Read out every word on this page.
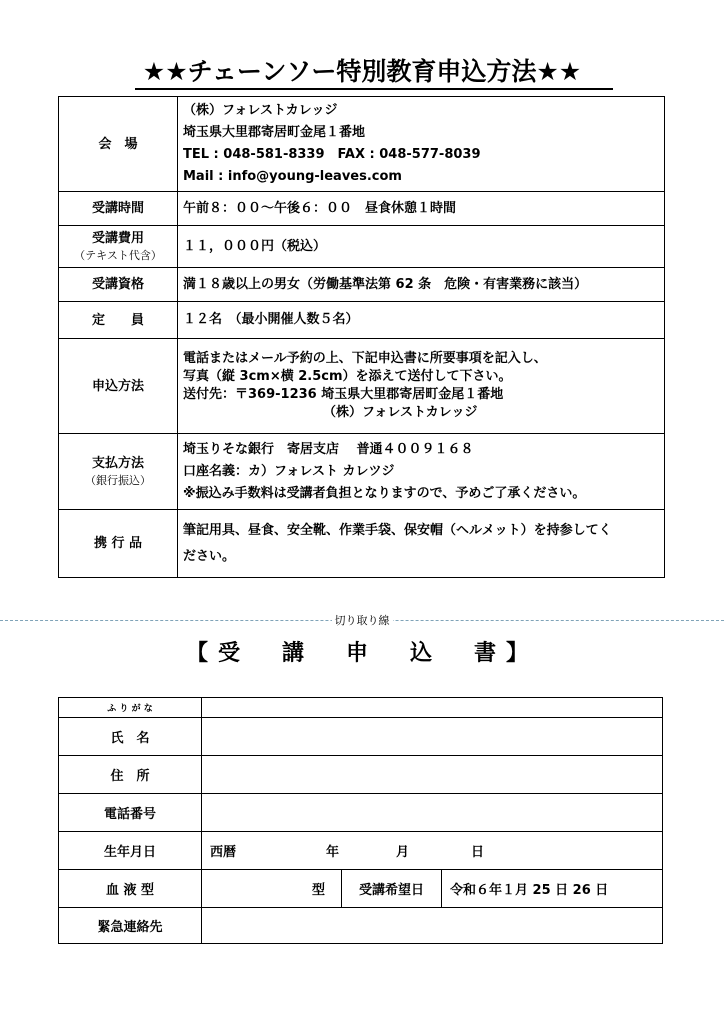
★★チェーンソー特別教育申込方法★★
会　場	（株）フォレストカレッジ
埼玉県大里郡寄居町金尾１番地
TEL : 048-581-8339　FAX : 048-577-8039
Mail : info@young-leaves.com

受講時間	午前８：００～午後６：００　昼食休憩１時間

受講費用
（テキスト代含）	１１，０００円（税込）
受講資格	満１８歳以上の男女（労働基準法第 62 条　危険・有害業務に該当）
定　　員	１２名　（最小開催人数５名）
申込方法	電話またはメール予約の上、下記申込書に所要事項を記入し、
写真（縦 3cm×横 2.5cm）を添えて送付して下さい。
送付先：〒369-1236 埼玉県大里郡寄居町金尾１番地
（株）フォレストカレッジ

支払方法
（銀行振込）	埼玉りそな銀行　寄居支店　 普通４００９１６８
口座名義：カ）フォレスト カレツジ
※振込み手数料は受講者負担となりますので、予めご了承ください。

携 行 品	筆記用具、昼食、安全靴、作業手袋、保安帽（ヘルメット）を持参してく
ださい。
切り取り線
【受　講　申　込　書】
ふ り が な			
氏　名			
住　所			
電話番号			
生年月日	西暦 年 月 日		
血 液 型	型	受講希望日	令和６年１月 25 日 26 日
緊急連絡先			
